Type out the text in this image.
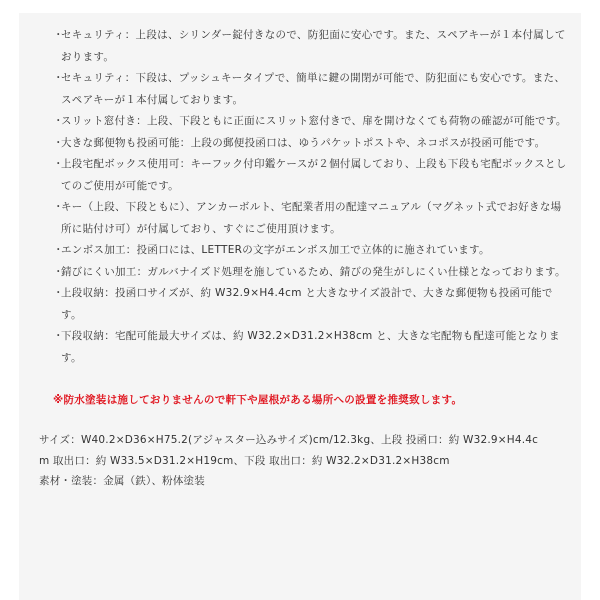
・セキュリティ：上段は、シリンダー錠付きなので、防犯面に安心です。また、スペアキーが１本付属しております。
・セキュリティ：下段は、プッシュキータイプで、簡単に鍵の開閉が可能で、防犯面にも安心です。また、スペアキーが１本付属しております。
・スリット窓付き：上段、下段ともに正面にスリット窓付きで、扉を開けなくても荷物の確認が可能です。
・大きな郵便物も投函可能：上段の郵便投函口は、ゆうパケットポストや、ネコポスが投函可能です。
・上段宅配ボックス使用可：キーフック付印鑑ケースが２個付属しており、上段も下段も宅配ボックスとしてのご使用が可能です。
・キー（上段、下段ともに）、アンカーボルト、宅配業者用の配達マニュアル（マグネット式でお好きな場所に貼付け可）が付属しており、すぐにご使用頂けます。
・エンボス加工：投函口には、LETTERの文字がエンボス加工で立体的に施されています。
・錆びにくい加工：ガルバナイズド処理を施しているため、錆びの発生がしにくい仕様となっております。
・上段収納：投函口サイズが、約 W32.9×H4.4cm と大きなサイズ設計で、大きな郵便物も投函可能です。
・下段収納：宅配可能最大サイズは、約 W32.2×D31.2×H38cm と、大きな宅配物も配達可能となります。
※防水塗装は施しておりませんので軒下や屋根がある場所への設置を推奨致します。
サイズ：W40.2×D36×H75.2(アジャスター込みサイズ)cm/12.3kg、上段 投函口：約 W32.9×H4.4cm 取出口：約 W33.5×D31.2×H19cm、下段 取出口：約 W32.2×D31.2×H38cm
素材・塗装：金属（鉄）、粉体塗装
